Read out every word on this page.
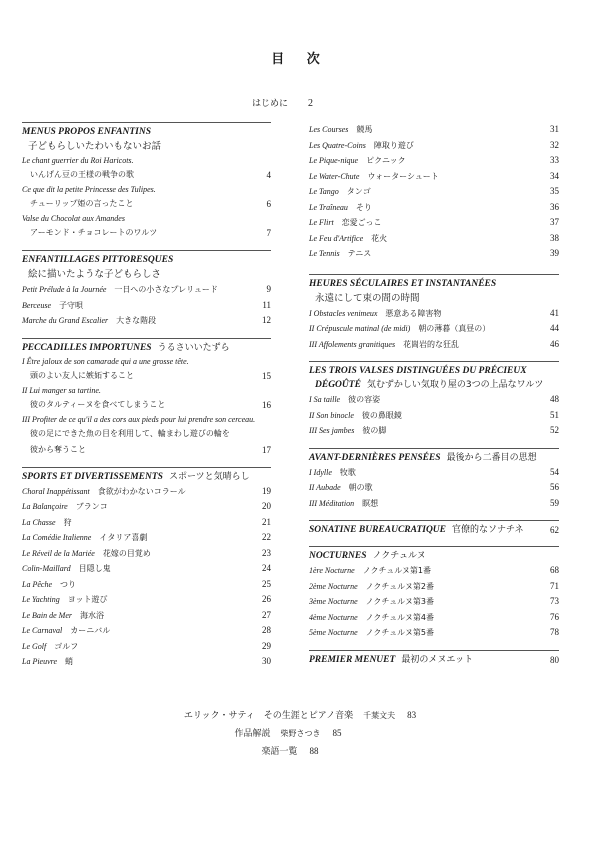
目 次
はじめに 2
MENUS PROPOS ENFANTINS
子どもらしいたわいもないお話
Le chant guerrier du Roi Haricots.
いんげん豆の王様の戦争の歌	4
Ce que dit la petite Princesse des Tulipes.
チューリップ姫の言ったこと	6
Valse du Chocolat aux Amandes
アーモンド・チョコレートのワルツ	7
ENFANTILLAGES PITTORESQUES
絵に描いたような子どもらしさ
Petit Prélude à la Journée 一日への小さなプレリュード	9
Berceuse 子守唄	11
Marche du Grand Escalier 大きな階段	12
PECCADILLES IMPORTUNES うるさいいたずら
I Être jaloux de son camarade qui a une grosse tête.
頭のよい友人に嫉妬すること	15
II Lui manger sa tartine.
彼のタルティーヌを食べてしまうこと	16
III Profiter de ce qu'il a des cors aux pieds pour lui prendre son cerceau.
彼の足にできた魚の目を利用して、輪まわし遊びの輪を
彼から奪うこと	17
SPORTS ET DIVERTISSEMENTS スポーツと気晴らし
Choral Inappétissant 食欲がわかないコラール	19
La Balançoire ブランコ	20
La Chasse 狩	21
La Comédie Italienne イタリア喜劇	22
Le Réveil de la Mariée 花嫁の目覚め	23
Colin-Maillard 目隠し鬼	24
La Pêche つり	25
Le Yachting ヨット遊び	26
Le Bain de Mer 海水浴	27
Le Carnaval カーニバル	28
Le Golf ゴルフ	29
La Pieuvre 蛸	30
Les Courses 競馬	31
Les Quatre-Coins 陣取り遊び	32
Le Pique-nique ピクニック	33
Le Water-Chute ウォーターシュート	34
Le Tango タンゴ	35
Le Traîneau そり	36
Le Flirt 恋愛ごっこ	37
Le Feu d'Artifice 花火	38
Le Tennis テニス	39
HEURES SÉCULAIRES ET INSTANTANÉES
永遠にして束の間の時間
I Obstacles venimeux 悪意ある障害物	41
II Crépuscule matinal (de midi) 朝の薄暮（真昼の）	44
III Affolements granitiques 花崗岩的な狂乱	46
LES TROIS VALSES DISTINGUÉES DU PRÉCIEUX
DÉGOÛTÉ 気むずかしい気取り屋の3つの上品なワルツ
I Sa taille 彼の容姿	48
II Son binocle 彼の鼻眼鏡	51
III Ses jambes 彼の脚	52
AVANT-DERNIÈRES PENSÉES 最後から二番目の思想
I Idylle 牧歌	54
II Aubade 朝の歌	56
III Méditation 瞑想	59
SONATINE BUREAUCRATIQUE 官僚的なソナチネ	62
NOCTURNES ノクチュルヌ
1ère Nocturne ノクチュルヌ第1番	68
2ème Nocturne ノクチュルヌ第2番	71
3ème Nocturne ノクチュルヌ第3番	73
4ème Nocturne ノクチュルヌ第4番	76
5ème Nocturne ノクチュルヌ第5番	78
PREMIER MENUET 最初のメヌエット	80
エリック・サティ　その生涯とピアノ音楽 千葉文夫 83
作品解説 柴野さつき 85
楽語一覧 88
